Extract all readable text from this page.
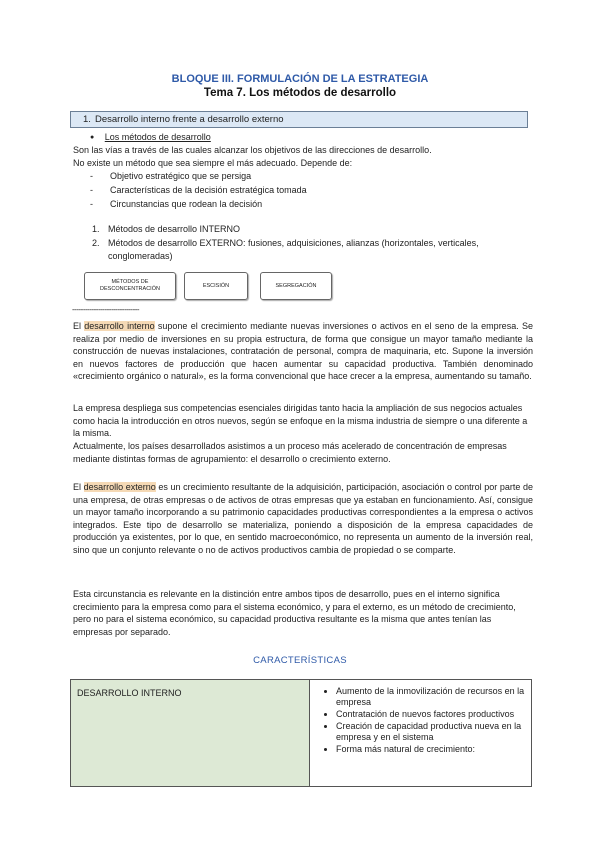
BLOQUE III. FORMULACIÓN DE LA ESTRATEGIA
Tema 7. Los métodos de desarrollo
1. Desarrollo interno frente a desarrollo externo
● Los métodos de desarrollo
Son las vías a través de las cuales alcanzar los objetivos de las direcciones de desarrollo.
No existe un método que sea siempre el más adecuado. Depende de:
- Objetivo estratégico que se persiga
- Características de la decisión estratégica tomada
- Circunstancias que rodean la decisión
1. Métodos de desarrollo INTERNO
2. Métodos de desarrollo EXTERNO: fusiones, adquisiciones, alianzas (horizontales, verticales, conglomeradas)
MÉTODOS DE DESCONCENTRACIÓN
ESCISIÓN	SEGREGACIÓN
-------------------------------
El desarrollo interno supone el crecimiento mediante nuevas inversiones o activos en el seno de la empresa. Se realiza por medio de inversiones en su propia estructura, de forma que consigue un mayor tamaño mediante la construcción de nuevas instalaciones, contratación de personal, compra de maquinaria, etc. Supone la inversión en nuevos factores de producción que hacen aumentar su capacidad productiva. También denominado «crecimiento orgánico o natural», es la forma convencional que hace crecer a la empresa, aumentando su tamaño.
La empresa despliega sus competencias esenciales dirigidas tanto hacia la ampliación de sus negocios actuales como hacia la introducción en otros nuevos, según se enfoque en la misma industria de siempre o una diferente a la misma.
Actualmente, los países desarrollados asistimos a un proceso más acelerado de concentración de empresas mediante distintas formas de agrupamiento: el desarrollo o crecimiento externo.
El desarrollo externo es un crecimiento resultante de la adquisición, participación, asociación o control por parte de una empresa, de otras empresas o de activos de otras empresas que ya estaban en funcionamiento. Así, consigue un mayor tamaño incorporando a su patrimonio capacidades productivas correspondientes a la empresa o activos integrados. Este tipo de desarrollo se materializa, poniendo a disposición de la empresa capacidades de producción ya existentes, por lo que, en sentido macroeconómico, no representa un aumento de la inversión real, sino que un conjunto relevante o no de activos productivos cambia de propiedad o se comparte.
Esta circunstancia es relevante en la distinción entre ambos tipos de desarrollo, pues en el interno significa crecimiento para la empresa como para el sistema económico, y para el externo, es un método de crecimiento, pero no para el sistema económico, su capacidad productiva resultante es la misma que antes tenían las empresas por separado.
CARACTERÍSTICAS
DESARROLLO INTERNO	
•Aumento de la inmovilización de recursos en la empresa
• Contratación de nuevos factores productivos
• Creación de capacidad productiva nueva en la empresa y en el sistema
• Forma más natural de crecimiento:
